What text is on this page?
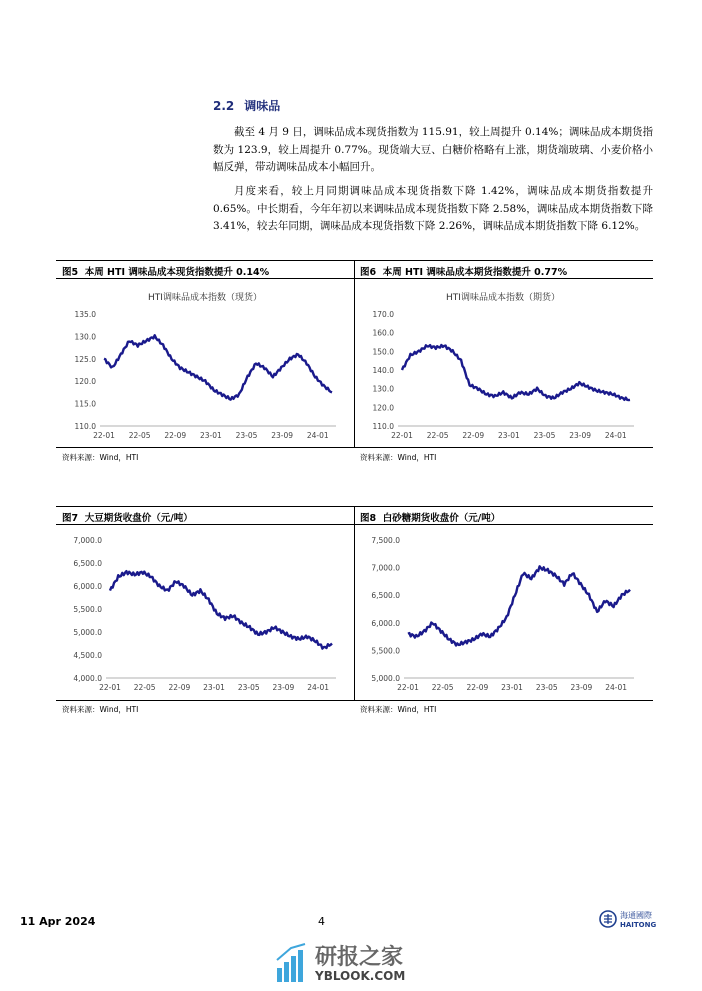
2.2 调味品
截至 4 月 9 日，调味品成本现货指数为 115.91，较上周提升 0.14%；调味品成本期货指数为 123.9，较上周提升 0.77%。现货端大豆、白糖价格略有上涨，期货端玻璃、小麦价格小幅反弹，带动调味品成本小幅回升。
月度来看，较上月同期调味品成本现货指数下降 1.42%，调味品成本期货指数提升 0.65%。中长期看，今年年初以来调味品成本现货指数下降 2.58%，调味品成本期货指数下降 3.41%，较去年同期，调味品成本现货指数下降 2.26%，调味品成本期货指数下降 6.12%。
图5 本周 HTI 调味品成本现货指数提升 0.14%	图6 本周 HTI 调味品成本期货指数提升 0.77%
资料来源：Wind，HTI	资料来源：Wind，HTI
图7 大豆期货收盘价（元/吨）	图8 白砂糖期货收盘价（元/吨）
资料来源：Wind，HTI	资料来源：Wind，HTI
HTI调味品成本指数（现货）
110.0
115.0
120.0
125.0
130.0
135.0
22-01 22-05 22-09 23-01 23-05 23-09 24-01
HTI调味品成本指数（期货）
110.0
120.0
130.0
140.0
150.0
160.0
170.0
22-01 22-05 22-09 23-01 23-05 23-09 24-01
4,000.0
4,500.0
5,000.0
5,500.0
6,000.0
6,500.0
7,000.0
22-01 22-05 22-09 23-01 23-05 23-09 24-01
5,000.0
5,500.0
6,000.0
6,500.0
7,000.0
7,500.0
22-01 22-05 22-09 23-01 23-05 23-09 24-01
11 Apr 2024	4	海通國際
HAITONG
研报之家
YBLOOK.COM
